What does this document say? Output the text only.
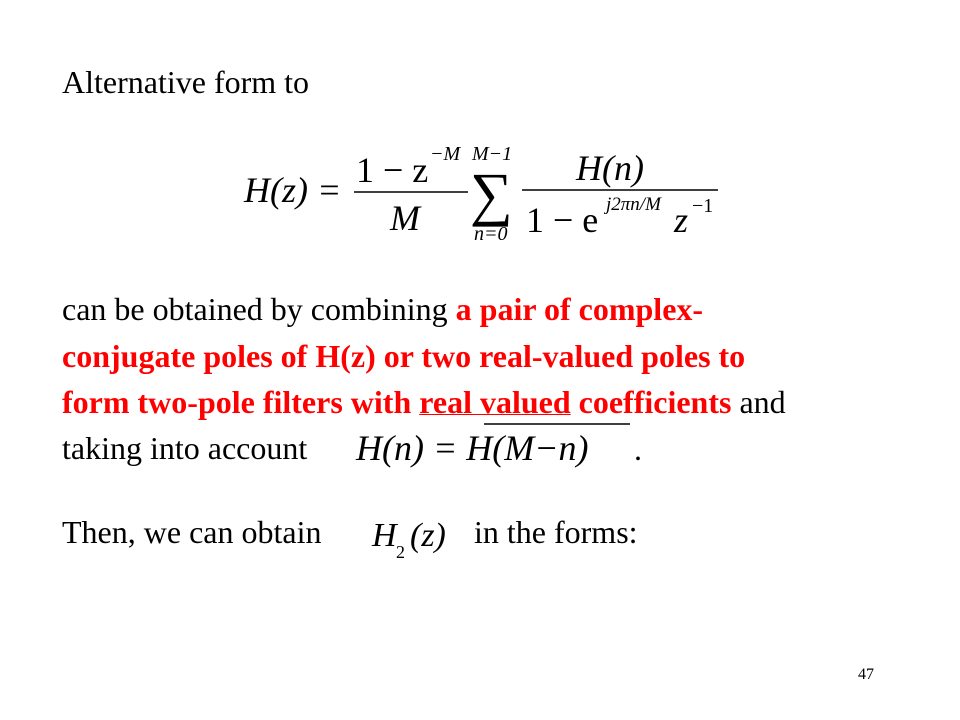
Alternative form to
H(z) = 1 − z −M
M
M−1
∑
n=0
H(n)
1 − e j2πn/M z −1
can be obtained by combining a pair of complex-
conjugate poles of H(z) or two real-valued poles to
form two-pole filters with real valued coefficients and
taking into account H(n) = H(M−n) .
Then, we can obtain H 2 (z) in the forms:
47
